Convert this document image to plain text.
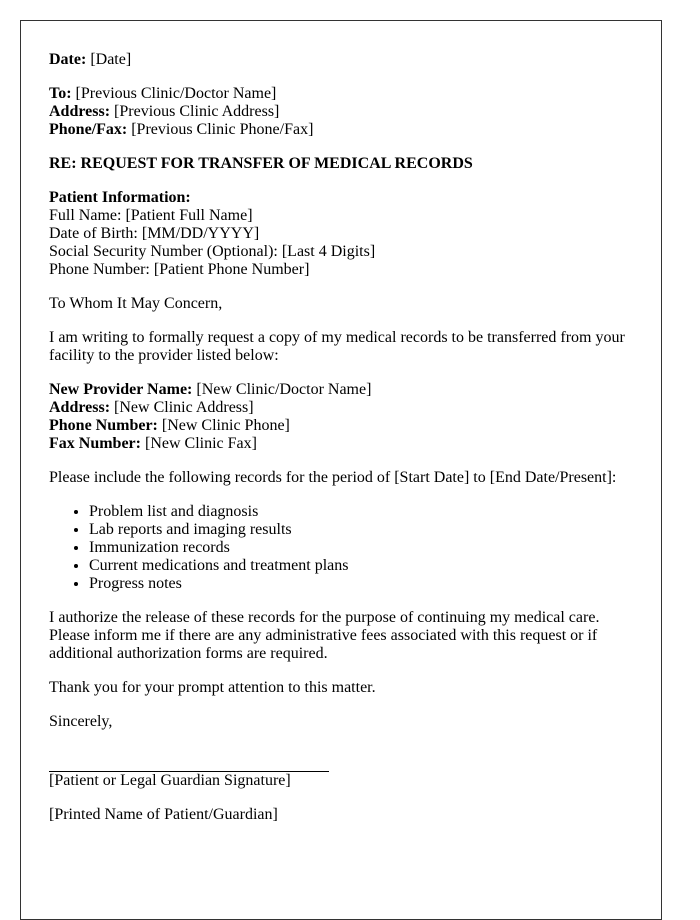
Date: [Date]

To: [Previous Clinic/Doctor Name]
Address: [Previous Clinic Address]
Phone/Fax: [Previous Clinic Phone/Fax]

RE: REQUEST FOR TRANSFER OF MEDICAL RECORDS

Patient Information:
Full Name: [Patient Full Name]
Date of Birth: [MM/DD/YYYY]
Social Security Number (Optional): [Last 4 Digits]
Phone Number: [Patient Phone Number]

To Whom It May Concern,

I am writing to formally request a copy of my medical records to be transferred from your facility to the provider listed below:

New Provider Name: [New Clinic/Doctor Name]
Address: [New Clinic Address]
Phone Number: [New Clinic Phone]
Fax Number: [New Clinic Fax]

Please include the following records for the period of [Start Date] to [End Date/Present]:

• Problem list and diagnosis
• Lab reports and imaging results
• Immunization records
• Current medications and treatment plans
• Progress notes

I authorize the release of these records for the purpose of continuing my medical care. Please inform me if there are any administrative fees associated with this request or if additional authorization forms are required.

Thank you for your prompt attention to this matter.

Sincerely,

[Patient or Legal Guardian Signature]

[Printed Name of Patient/Guardian]
